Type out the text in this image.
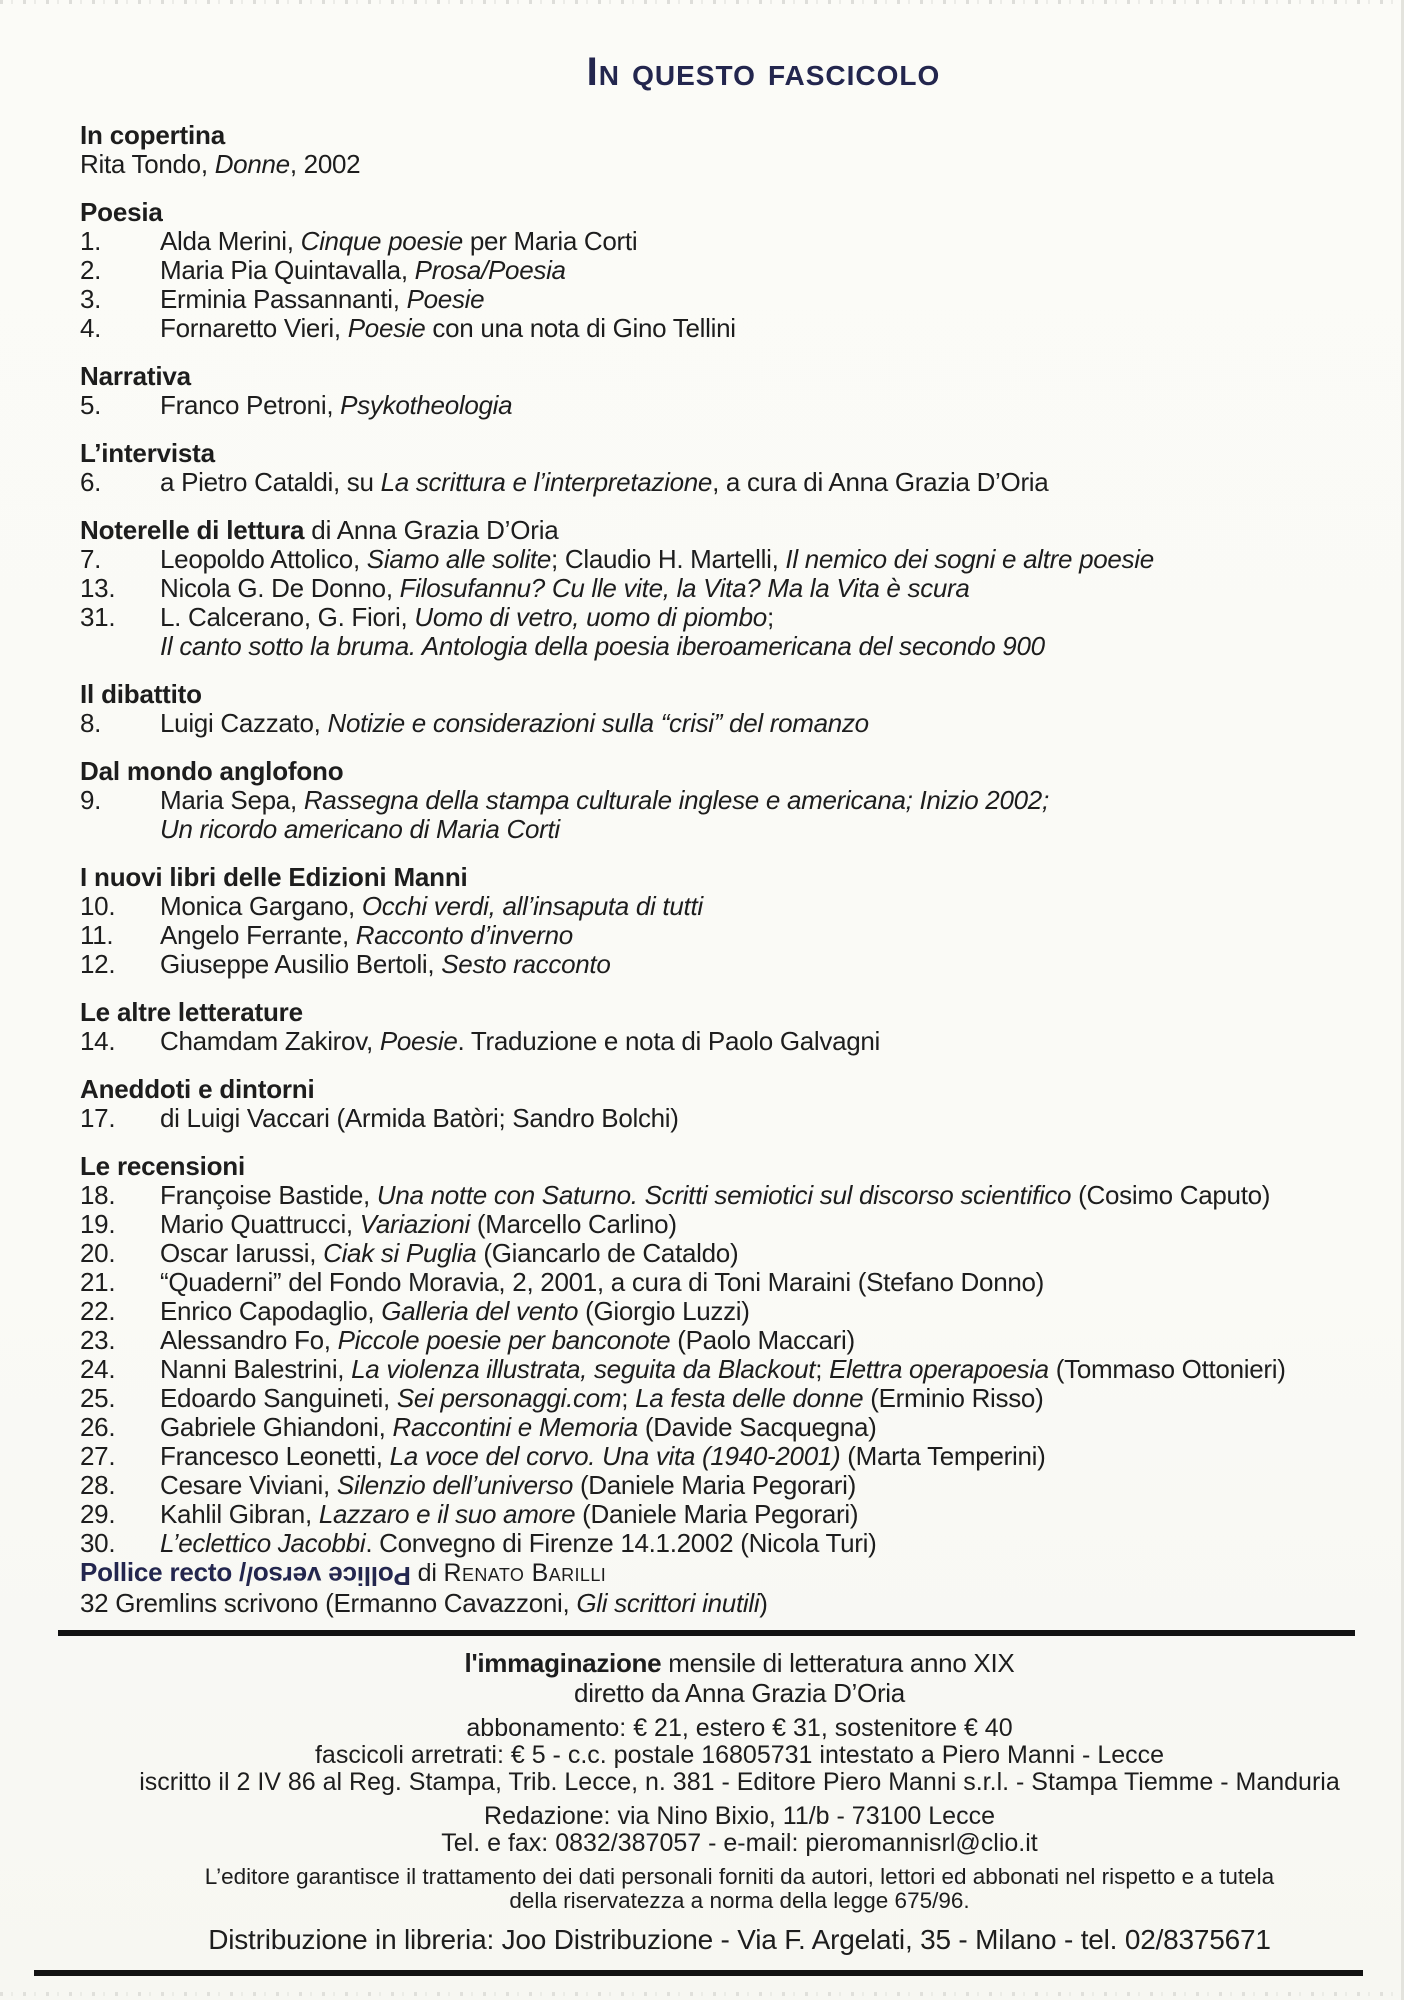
In questo fascicolo
In copertina
Rita Tondo, Donne, 2002
Poesia
1.	Alda Merini, Cinque poesie per Maria Corti
2.	Maria Pia Quintavalla, Prosa/Poesia
3.	Erminia Passannanti, Poesie
4.	Fornaretto Vieri, Poesie con una nota di Gino Tellini
Narrativa
5.	Franco Petroni, Psykotheologia
L’intervista
6.	a Pietro Cataldi, su La scrittura e l’interpretazione, a cura di Anna Grazia D’Oria
Noterelle di lettura di Anna Grazia D’Oria
7.	Leopoldo Attolico, Siamo alle solite; Claudio H. Martelli, Il nemico dei sogni e altre poesie
13.	Nicola G. De Donno, Filosufannu? Cu lle vite, la Vita? Ma la Vita è scura
31.	L. Calcerano, G. Fiori, Uomo di vetro, uomo di piombo;
Il canto sotto la bruma. Antologia della poesia iberoamericana del secondo 900
Il dibattito
8.	Luigi Cazzato, Notizie e considerazioni sulla “crisi” del romanzo
Dal mondo anglofono
9.	Maria Sepa, Rassegna della stampa culturale inglese e americana; Inizio 2002;
Un ricordo americano di Maria Corti
I nuovi libri delle Edizioni Manni
10.	Monica Gargano, Occhi verdi, all’insaputa di tutti
11.	Angelo Ferrante, Racconto d’inverno
12.	Giuseppe Ausilio Bertoli, Sesto racconto
Le altre letterature
14.	Chamdam Zakirov, Poesie. Traduzione e nota di Paolo Galvagni
Aneddoti e dintorni
17.	di Luigi Vaccari (Armida Batòri; Sandro Bolchi)
Le recensioni
18.	Françoise Bastide, Una notte con Saturno. Scritti semiotici sul discorso scientifico (Cosimo Caputo)
19.	Mario Quattrucci, Variazioni (Marcello Carlino)
20.	Oscar Iarussi, Ciak si Puglia (Giancarlo de Cataldo)
21.	“Quaderni” del Fondo Moravia, 2, 2001, a cura di Toni Maraini (Stefano Donno)
22.	Enrico Capodaglio, Galleria del vento (Giorgio Luzzi)
23.	Alessandro Fo, Piccole poesie per banconote (Paolo Maccari)
24.	Nanni Balestrini, La violenza illustrata, seguita da Blackout; Elettra operapoesia (Tommaso Ottonieri)
25.	Edoardo Sanguineti, Sei personaggi.com; La festa delle donne (Erminio Risso)
26.	Gabriele Ghiandoni, Raccontini e Memoria (Davide Sacquegna)
27.	Francesco Leonetti, La voce del corvo. Una vita (1940-2001) (Marta Temperini)
28.	Cesare Viviani, Silenzio dell’universo (Daniele Maria Pegorari)
29.	Kahlil Gibran, Lazzaro e il suo amore (Daniele Maria Pegorari)
30.	L’eclettico Jacobbi. Convegno di Firenze 14.1.2002 (Nicola Turi)
Pollice recto /Pollice verso/ di Renato Barilli
32 Gremlins scrivono (Ermanno Cavazzoni, Gli scrittori inutili)
l'immaginazione mensile di letteratura anno XIX
diretto da Anna Grazia D’Oria
abbonamento: € 21, estero € 31, sostenitore € 40
fascicoli arretrati: € 5 - c.c. postale 16805731 intestato a Piero Manni - Lecce
iscritto il 2 IV 86 al Reg. Stampa, Trib. Lecce, n. 381 - Editore Piero Manni s.r.l. - Stampa Tiemme - Manduria
Redazione: via Nino Bixio, 11/b - 73100 Lecce
Tel. e fax: 0832/387057 - e-mail: pieromannisrl@clio.it
L’editore garantisce il trattamento dei dati personali forniti da autori, lettori ed abbonati nel rispetto e a tutela
della riservatezza a norma della legge 675/96.
Distribuzione in libreria: Joo Distribuzione - Via F. Argelati, 35 - Milano - tel. 02/8375671
